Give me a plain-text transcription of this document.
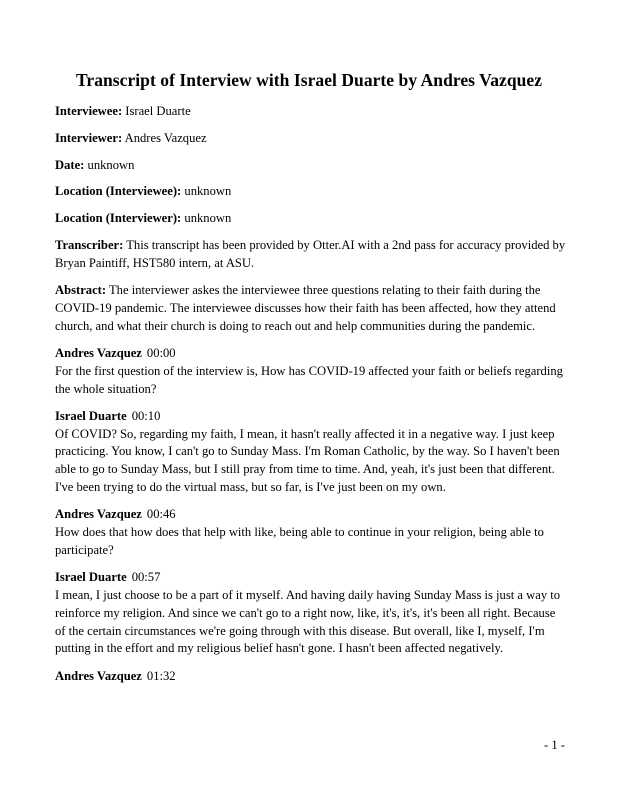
Transcript of Interview with Israel Duarte by Andres Vazquez

Interviewee: Israel Duarte

Interviewer: Andres Vazquez

Date: unknown

Location (Interviewee): unknown

Location (Interviewer): unknown

Transcriber: This transcript has been provided by Otter.AI with a 2nd pass for accuracy provided by Bryan Paintiff, HST580 intern, at ASU.

Abstract: The interviewer askes the interviewee three questions relating to their faith during the COVID-19 pandemic. The interviewee discusses how their faith has been affected, how they attend church, and what their church is doing to reach out and help communities during the pandemic.

Andres Vazquez 00:00

For the first question of the interview is, How has COVID-19 affected your faith or beliefs regarding the whole situation?

Israel Duarte 00:10

Of COVID? So, regarding my faith, I mean, it hasn't really affected it in a negative way. I just keep practicing. You know, I can't go to Sunday Mass. I'm Roman Catholic, by the way. So I haven't been able to go to Sunday Mass, but I still pray from time to time. And, yeah, it's just been that different. I've been trying to do the virtual mass, but so far, is I've just been on my own.

Andres Vazquez 00:46

How does that how does that help with like, being able to continue in your religion, being able to participate?

Israel Duarte 00:57

I mean, I just choose to be a part of it myself. And having daily having Sunday Mass is just a way to reinforce my religion. And since we can't go to a right now, like, it's, it's, it's been all right. Because of the certain circumstances we're going through with this disease. But overall, like I, myself, I'm putting in the effort and my religious belief hasn't gone. I hasn't been affected negatively.

Andres Vazquez 01:32

- 1 -
